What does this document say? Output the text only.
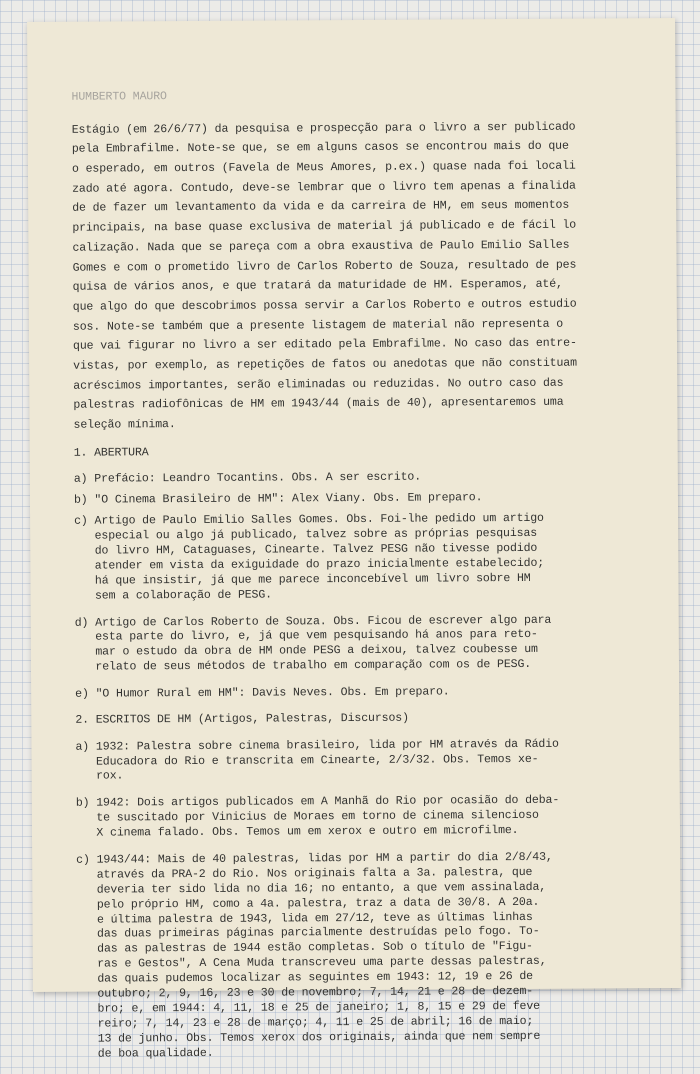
HUMBERTO MAURO
Estágio (em 26/6/77) da pesquisa e prospecção para o livro a ser publicado
pela Embrafilme. Note-se que, se em alguns casos se encontrou mais do que
o esperado, em outros (Favela de Meus Amores, p.ex.) quase nada foi locali
zado até agora. Contudo, deve-se lembrar que o livro tem apenas a finalida
de de fazer um levantamento da vida e da carreira de HM, em seus momentos
principais, na base quase exclusiva de material já publicado e de fácil lo
calização. Nada que se pareça com a obra exaustiva de Paulo Emilio Salles
Gomes e com o prometido livro de Carlos Roberto de Souza, resultado de pes
quisa de vários anos, e que tratará da maturidade de HM. Esperamos, até,
que algo do que descobrimos possa servir a Carlos Roberto e outros estudio
sos. Note-se também que a presente listagem de material não representa o
que vai figurar no livro a ser editado pela Embrafilme. No caso das entre-
vistas, por exemplo, as repetições de fatos ou anedotas que não constituam
acréscimos importantes, serão eliminadas ou reduzidas. No outro caso das
palestras radiofônicas de HM em 1943/44 (mais de 40), apresentaremos uma
seleção mínima.
1. ABERTURA
a) Prefácio: Leandro Tocantins. Obs. A ser escrito.
b) "O Cinema Brasileiro de HM": Alex Viany. Obs. Em preparo.
c) Artigo de Paulo Emilio Salles Gomes. Obs. Foi-lhe pedido um artigo
especial ou algo já publicado, talvez sobre as próprias pesquisas
do livro HM, Cataguases, Cinearte. Talvez PESG não tivesse podido
atender em vista da exiguidade do prazo inicialmente estabelecido;
há que insistir, já que me parece inconcebível um livro sobre HM
sem a colaboração de PESG.
d) Artigo de Carlos Roberto de Souza. Obs. Ficou de escrever algo para
esta parte do livro, e, já que vem pesquisando há anos para reto-
mar o estudo da obra de HM onde PESG a deixou, talvez coubesse um
relato de seus métodos de trabalho em comparação com os de PESG.
e) "O Humor Rural em HM": Davis Neves. Obs. Em preparo.
2. ESCRITOS DE HM (Artigos, Palestras, Discursos)
a) 1932: Palestra sobre cinema brasileiro, lida por HM através da Rádio
Educadora do Rio e transcrita em Cinearte, 2/3/32. Obs. Temos xe-
rox.
b) 1942: Dois artigos publicados em A Manhã do Rio por ocasião do deba-
te suscitado por Vinicius de Moraes em torno de cinema silencioso
X cinema falado. Obs. Temos um em xerox e outro em microfilme.
c) 1943/44: Mais de 40 palestras, lidas por HM a partir do dia 2/8/43,
através da PRA-2 do Rio. Nos originais falta a 3a. palestra, que
deveria ter sido lida no dia 16; no entanto, a que vem assinalada,
pelo próprio HM, como a 4a. palestra, traz a data de 30/8. A 20a.
e última palestra de 1943, lida em 27/12, teve as últimas linhas
das duas primeiras páginas parcialmente destruídas pelo fogo. To-
das as palestras de 1944 estão completas. Sob o título de "Figu-
ras e Gestos", A Cena Muda transcreveu uma parte dessas palestras,
das quais pudemos localizar as seguintes em 1943: 12, 19 e 26 de
outubro; 2, 9, 16, 23 e 30 de novembro; 7, 14, 21 e 28 de dezem-
bro; e, em 1944: 4, 11, 18 e 25 de janeiro; 1, 8, 15 e 29 de feve
reiro; 7, 14, 23 e 28 de março; 4, 11 e 25 de abril; 16 de maio;
13 de junho. Obs. Temos xerox dos originais, ainda que nem sempre
de boa qualidade.
